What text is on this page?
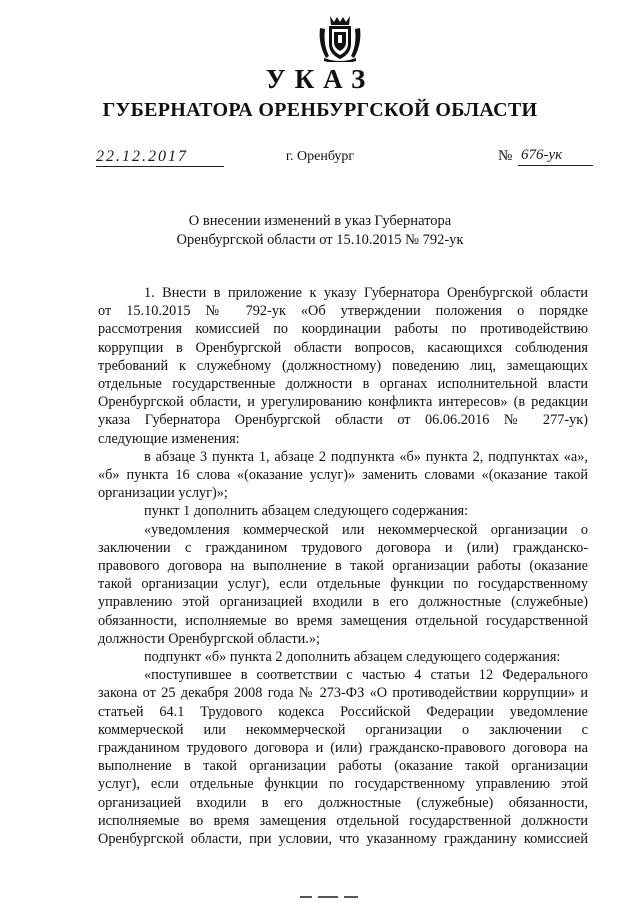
УКАЗ
ГУБЕРНАТОРА ОРЕНБУРГСКОЙ ОБЛАСТИ
22.12.2017	г. Оренбург	№ 676-ук
О внесении изменений в указ Губернатора
Оренбургской области от 15.10.2015 № 792-ук

1. Внести в приложение к указу Губернатора Оренбургской области

от 15.10.2015 № 792-ук «Об утверждении положения о порядке

рассмотрения комиссией по координации работы по противодействию

коррупции в Оренбургской области вопросов, касающихся соблюдения

требований к служебному (должностному) поведению лиц, замещающих

отдельные государственные должности в органах исполнительной власти

Оренбургской области, и урегулированию конфликта интересов» (в редакции

указа Губернатора Оренбургской области от 06.06.2016 № 277-ук)

следующие изменения:

в абзаце 3 пункта 1, абзаце 2 подпункта «б» пункта 2, подпунктах «а»,

«б» пункта 16 слова «(оказание услуг)» заменить словами «(оказание такой

организации услуг)»;

пункт 1 дополнить абзацем следующего содержания:

«уведомления коммерческой или некоммерческой организации о

заключении с гражданином трудового договора и (или) гражданско-

правового договора на выполнение в такой организации работы (оказание

такой организации услуг), если отдельные функции по государственному

управлению этой организацией входили в его должностные (служебные)

обязанности, исполняемые во время замещения отдельной государственной

должности Оренбургской области.»;

подпункт «б» пункта 2 дополнить абзацем следующего содержания:

«поступившее в соответствии с частью 4 статьи 12 Федерального

закона от 25 декабря 2008 года № 273-ФЗ «О противодействии коррупции» и

статьей 64.1 Трудового кодекса Российской Федерации уведомление

коммерческой или некоммерческой организации о заключении с

гражданином трудового договора и (или) гражданско-правового договора на

выполнение в такой организации работы (оказание такой организации

услуг), если отдельные функции по государственному управлению этой

организацией входили в его должностные (служебные) обязанности,

исполняемые во время замещения отдельной государственной должности

Оренбургской области, при условии, что указанному гражданину комиссией
